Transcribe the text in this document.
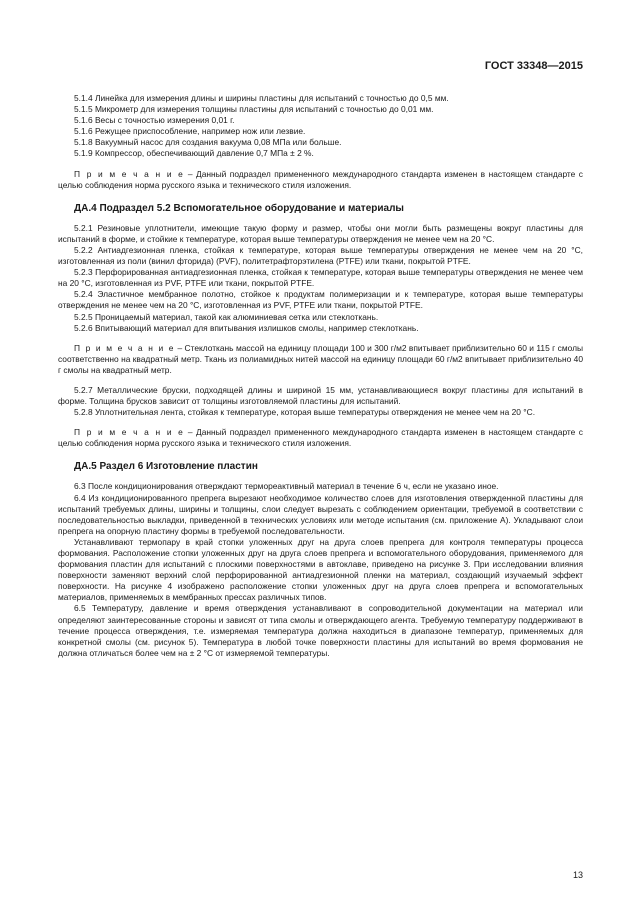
ГОСТ 33348—2015

5.1.4 Линейка для измерения длины и ширины пластины для испытаний с точностью до 0,5 мм.

5.1.5 Микрометр для измерения толщины пластины для испытаний с точностью до 0,01 мм.

5.1.6 Весы с точностью измерения 0,01 г.

5.1.6 Режущее приспособление, например нож или лезвие.

5.1.8 Вакуумный насос для создания вакуума 0,08 МПа или больше.

5.1.9 Компрессор, обеспечивающий давление 0,7 МПа ± 2 %.

П р и м е ч а н и е – Данный подраздел примененного международного стандарта изменен в настоящем стандарте с целью соблюдения норма русского языка и технического стиля изложения.

ДА.4 Подраздел 5.2 Вспомогательное оборудование и материалы

5.2.1 Резиновые уплотнители, имеющие такую форму и размер, чтобы они могли быть размещены вокруг пластины для испытаний в форме, и стойкие к температуре, которая выше температуры отверждения не менее чем на 20 °С.

5.2.2 Антиадгезионная пленка, стойкая к температуре, которая выше температуры отверждения не менее чем на 20 °С, изготовленная из поли (винил фторида) (PVF), политетрафторэтилена (PTFE) или ткани, покрытой PTFE.

5.2.3 Перфорированная антиадгезионная пленка, стойкая к температуре, которая выше температуры отверждения не менее чем на 20 °С, изготовленная из PVF, PTFE или ткани, покрытой PTFE.

5.2.4 Эластичное мембранное полотно, стойкое к продуктам полимеризации и к температуре, которая выше температуры отверждения не менее чем на 20 °С, изготовленная из PVF, PTFE или ткани, покрытой PTFE.

5.2.5 Проницаемый материал, такой как алюминиевая сетка или стеклоткань.

5.2.6 Впитывающий материал для впитывания излишков смолы, например стеклоткань.

П р и м е ч а н и е – Стеклоткань массой на единицу площади 100 и 300 г/м2 впитывает приблизительно 60 и 115 г смолы соответственно на квадратный метр. Ткань из полиамидных нитей массой на единицу площади 60 г/м2 впитывает приблизительно 40 г смолы на квадратный метр.

5.2.7 Металлические бруски, подходящей длины и шириной 15 мм, устанавливающиеся вокруг пластины для испытаний в форме. Толщина брусков зависит от толщины изготовляемой пластины для испытаний.

5.2.8 Уплотнительная лента, стойкая к температуре, которая выше температуры отверждения не менее чем на 20 °С.

П р и м е ч а н и е – Данный подраздел примененного международного стандарта изменен в настоящем стандарте с целью соблюдения норма русского языка и технического стиля изложения.

ДА.5 Раздел 6 Изготовление пластин

6.3 После кондиционирования отверждают термореактивный материал в течение 6 ч, если не указано иное.

6.4 Из кондиционированного препрега вырезают необходимое количество слоев для изготовления отвержденной пластины для испытаний требуемых длины, ширины и толщины, слои следует вырезать с соблюдением ориентации, требуемой в соответствии с последовательностью выкладки, приведенной в технических условиях или методе испытания (см. приложение А). Укладывают слои препрега на опорную пластину формы в требуемой последовательности.

Устанавливают термопару в край стопки уложенных друг на друга слоев препрега для контроля температуры процесса формования. Расположение стопки уложенных друг на друга слоев препрега и вспомогательного оборудования, применяемого для формования пластин для испытаний с плоскими поверхностями в автоклаве, приведено на рисунке 3. При исследовании влияния поверхности заменяют верхний слой перфорированной антиадгезионной пленки на материал, создающий изучаемый эффект поверхности. На рисунке 4 изображено расположение стопки уложенных друг на друга слоев препрега и вспомогательных материалов, применяемых в мембранных прессах различных типов.

6.5 Температуру, давление и время отверждения устанавливают в сопроводительной документации на материал или определяют заинтересованные стороны и зависят от типа смолы и отверждающего агента. Требуемую температуру поддерживают в течение процесса отверждения, т.е. измеряемая температура должна находиться в диапазоне температур, применяемых для конкретной смолы (см. рисунок 5). Температура в любой точке поверхности пластины для испытаний во время формования не должна отличаться более чем на ± 2 °С от измеряемой температуры.

13
